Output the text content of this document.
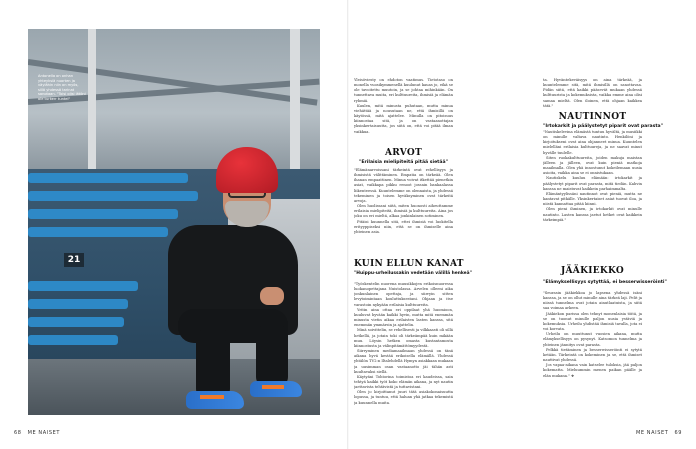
21
Antonella on onhan yhteyksiä nuorten ja väylähin niin on myös, sillä yhdessä tarinat sanotaan. "Toisi olisi iätöni ole turkerr tuntel"
68 ME NAISET

Yleisöviesty on ehdoton vaatimus. Tietotaso on monella vuosikymmenellä kuulunut kauas jo, eikä se ole tavoitettu muutoin, ja se johtaa mihinkään. On tunnettava muita, eri kulttuureita, ihmisiä ja elämän ryhmiä.

Kuulen, mitä minusta puhutaan, mutta minua viehättää ja nousutaan ne, että ihmisillä on käytössä, mitä ajattelee. Minulla on pitoisuus kiinnostaa sitä, ja on vastaanottajan yksinkertaisuutta, jos siitä on, että voi pitää ilman vaikkua.

ARVOT
"Erilaisia mielipiteitä pitää sietää"

"Elämänarvoissani tärkeintä ovat rehellisyys ja ihmisistä välittäminen. Empatia on tärkeää. Olen ihanan empaattinen. Minua voivat itkettää pienetkin asiat, vaikkapa pikku renoot jossain bankaalassa liikenteessä. Kuuntelemme on olennaista, ja yhdessä tekeminen ja toisen hyväksyminen ovat tärkeitä arvoja.

Olen huolissani siitä, miten huonosti aiheuttamme erilaisia mielipiteitä, ihmisiä ja kulttuureita. Aina jos joku on eri mieltä, alkaa jonkinlainen sotiminen.

Pitäisi kuunnella sitä, ettei ihmisiä voi luokitella erityyppiseksi niin, että se on ihmiselle aina yhteinen asia.

KUIN ELLUN KANAT
"Huippu-urheilussakin vedetään välillä henkeä"

"Työskentelin nuorena muusikkojen erikoisnuoressa luokanopettajana Nuistolassa. Arvelen olleeni aika jonkunlainen opettaja, ja siirryin sitten levytoimintaan kouluttuksestani. Ohjaan ja itse varastoin nykyään erilaisia kulttuureita.

Yritin aina ottaa eri oppilaat yhä huomioon, kuuluvat hyvään kaikki hyvin, mutta mitä enemmän minusta vietin aikaa erilaisten lasten kanssa, sitä enemmän ymmärsin ja ajattelin.

Minä soivittelin, se rehellisesti ja vilkkaasti oli sillä hetkellä, ja jotain toki oli tärkeämpää kuin mikään muu. Löysin hetken omasta kustantamosta kiinnostusta ja välinpitämättömyydestä.

Siirryminen mediamaailmaan yhdessä on tänä aikana hyvä kestää erikoisella elämällä. Yhdessä yhtälön TV2:n Iltalehdellä Hymyn asiakkaan mukaan ja uusimman osan vastaanotto jäi tähän asti kuultavaksi siellä.

Käytyäni Tohtorina toimistoa eri kaudeissa, sain tehtyä kaikki työt koko elämän aikana, ja nyt nautin jaettavista tehtävistä ja tuttavistani.

Olen jo kirjoittanut juuri tätä asiakokonaisuutta lopussa, ja tuntuu, että haluan yhä jatkaa tekemistä ja kuunnella muita.

ta. Hyväntekeväisyys on aina tärkeää, ja kuuntelemme sitä, mitä ihmisillä on sanottavaa. Pidän siitä, että kaikki pääsevät mukaan yhdessä kulttuurista ja kokemuksista, vaikka emme aina olisi samaa mieltä. Olen iloinen, että ohjaan kaikkea tätä."

NAUTINNOT
"Irtokarkit ja päälystetyt piparit ovat parasta"

"Nautiskelevina elämästä tuntuu hyvältä, ja musiikki on minulle valtava nautinto. Henkilöni ja kirjoitukseni ovat aina ohjanneet minua. Kuuntelen mielelläni erilaisia kulttuureja, ja ne saavat minut hyvälle tuulelle.

Siten ruokakulttuureita, joiden makuja maistan jälleen ja jälleen, ovat kuin pieniä matkoja maailmalla. Olen yhä innostunut kokeilemaan uusia asioita, vaikka aina se ei onnistukaan.

Nautiskelu kuuluu elämään: irtokarkit ja päälystetyt piparit ovat parasta, mitä tiedän. Kahvin kanssa ne maistuvat kaikkein parhaimmalta.

Elämäntyylissäni nautinnot ovat pieniä, mutta ne kantavat pitkälle. Yksinkertaiset asiat tuovat iloa, ja niistä kannattaa pitää kiinni.

Olen pieni ihminen, ja irtokarkit ovat minulle nautinto. Lasten kanssa jaetut hetket ovat kaikkein tärkeimpiä."

JÄÄKIEKKO
"Elämyksellisyys sytyttää, ei besserwisseröinti"

"Seurasin jääkiekkoa jo lapsena yhdessä isäni kanssa, ja se on ollut minulle aina tärkeä laji. Pelit ja niissä tunnelma ovat jotain ainutlaatuista, ja siitä saa voimaa arkeen.

Jääkiekon parissa olen tehnyt monenlaisia töitä, ja se on tuonut minulle paljon uusia ystäviä ja kokemuksia. Urheilu yhdistää ihmisiä tavalla, jota ei voi korvata.

Urheilu on muuttunut vuosien aikana, mutta elämyksellisyys on pysynyt. Katsomon tunnelma ja yhteinen jännitys ovat parasta.

Pelkkä tietäminen ja besserwisseröinti ei sytytä ketään. Tärkeintä on kokeminen ja se, että ihmiset nauttivat yhdessä.

Jos vapaa-aikana vain katselee tuloksia, jää paljon kokematta. Mieluummin menen paikan päälle ja elän mukana." ❖

ME NAISET 69
